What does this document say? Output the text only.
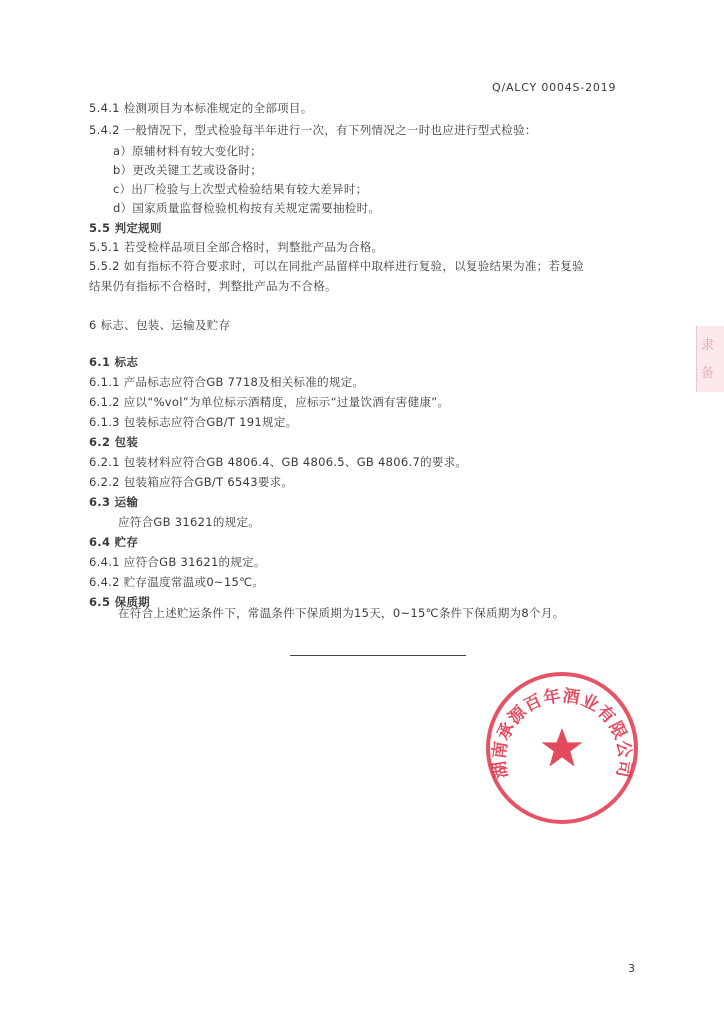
Q/ALCY 0004S-2019
5.4.1 检测项目为本标准规定的全部项目。
5.4.2 一般情况下，型式检验每半年进行一次，有下列情况之一时也应进行型式检验：
a）原辅材料有较大变化时；
b）更改关键工艺或设备时；
c）出厂检验与上次型式检验结果有较大差异时；
d）国家质量监督检验机构按有关规定需要抽检时。
5.5 判定规则
5.5.1 若受检样品项目全部合格时，判整批产品为合格。
5.5.2 如有指标不符合要求时，可以在同批产品留样中取样进行复验，以复验结果为准；若复验
结果仍有指标不合格时，判整批产品为不合格。
6 标志、包装、运输及贮存
6.1 标志
6.1.1 产品标志应符合GB 7718及相关标准的规定。
6.1.2 应以“%vol”为单位标示酒精度，应标示“过量饮酒有害健康”。
6.1.3 包装标志应符合GB/T 191规定。
6.2 包装
6.2.1 包装材料应符合GB 4806.4、GB 4806.5、GB 4806.7的要求。
6.2.2 包装箱应符合GB/T 6543要求。
6.3 运输
应符合GB 31621的规定。
6.4 贮存
6.4.1 应符合GB 31621的规定。
6.4.2 贮存温度常温或0~15℃。
6.5 保质期
在符合上述贮运条件下，常温条件下保质期为15天，0~15℃条件下保质期为8个月。
湖南承源百年酒业有限公司
隶
备
3
